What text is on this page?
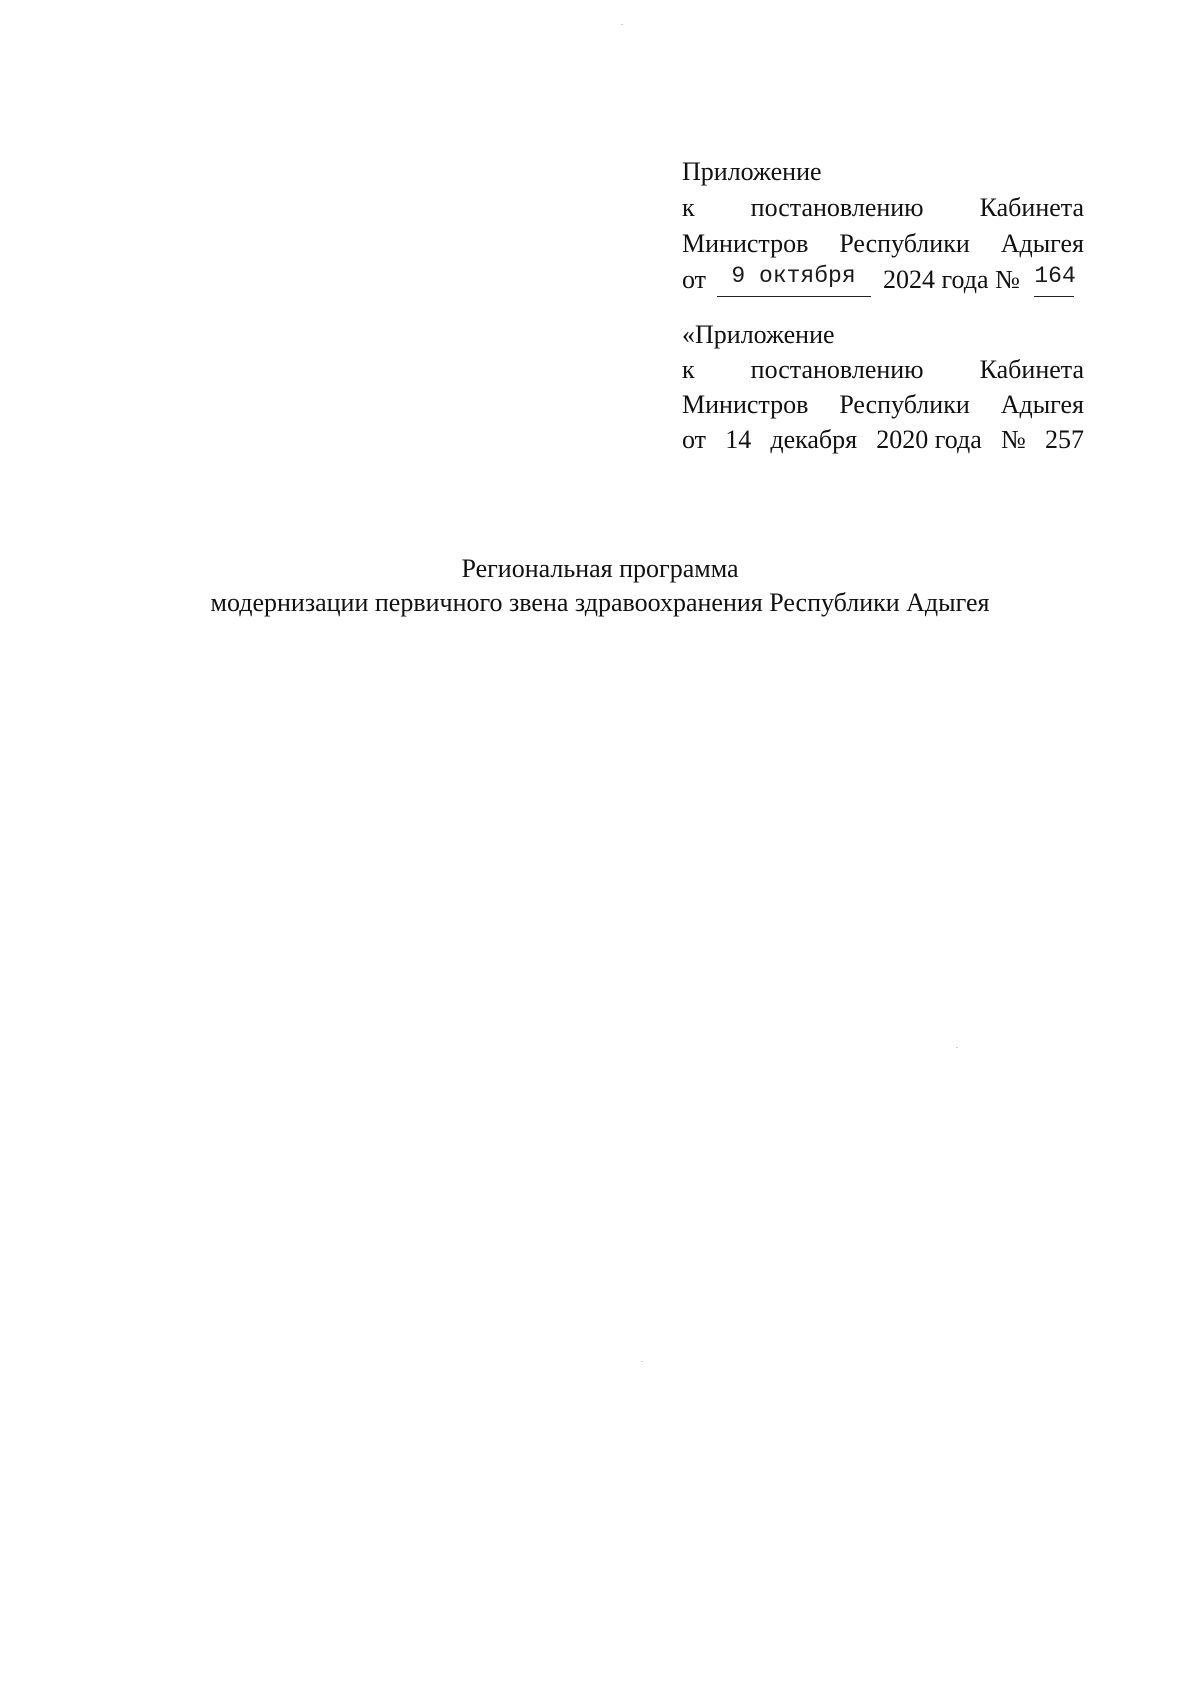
Приложение
к постановлению Кабинета
Министров Республики Адыгея
от 9 октября 2024 года № 164
«Приложение
к постановлению Кабинета
Министров Республики Адыгея
от 14 декабря 2020 года № 257
Региональная программа
модернизации первичного звена здравоохранения Республики Адыгея
